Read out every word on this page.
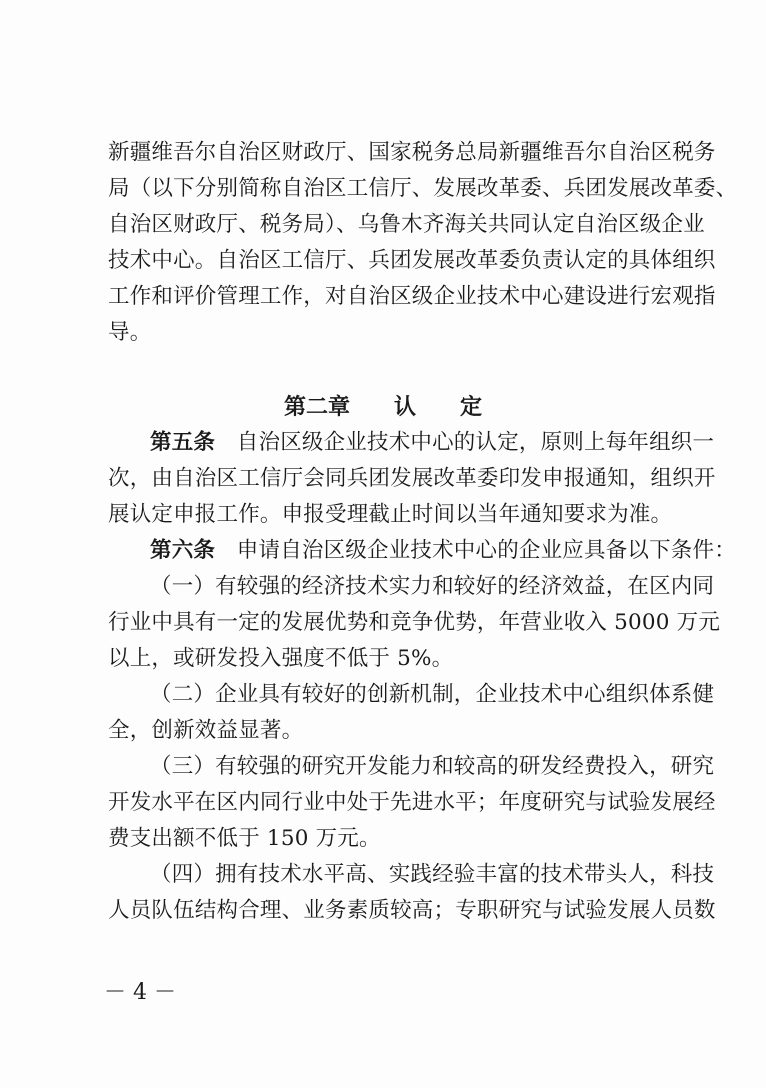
新疆维吾尔自治区财政厅、国家税务总局新疆维吾尔自治区税务
局（以下分别简称自治区工信厅、发展改革委、兵团发展改革委、
自治区财政厅、税务局）、乌鲁木齐海关共同认定自治区级企业
技术中心。自治区工信厅、兵团发展改革委负责认定的具体组织
工作和评价管理工作，对自治区级企业技术中心建设进行宏观指
导。
第二章　　认　　定
第五条　自治区级企业技术中心的认定，原则上每年组织一
次，由自治区工信厅会同兵团发展改革委印发申报通知，组织开
展认定申报工作。申报受理截止时间以当年通知要求为准。
第六条　申请自治区级企业技术中心的企业应具备以下条件：
（一）有较强的经济技术实力和较好的经济效益，在区内同
行业中具有一定的发展优势和竞争优势，年营业收入 5000 万元
以上，或研发投入强度不低于 5%。
（二）企业具有较好的创新机制，企业技术中心组织体系健
全，创新效益显著。
（三）有较强的研究开发能力和较高的研发经费投入，研究
开发水平在区内同行业中处于先进水平；年度研究与试验发展经
费支出额不低于 150 万元。
（四）拥有技术水平高、实践经验丰富的技术带头人，科技
人员队伍结构合理、业务素质较高；专职研究与试验发展人员数
－ 4 －
